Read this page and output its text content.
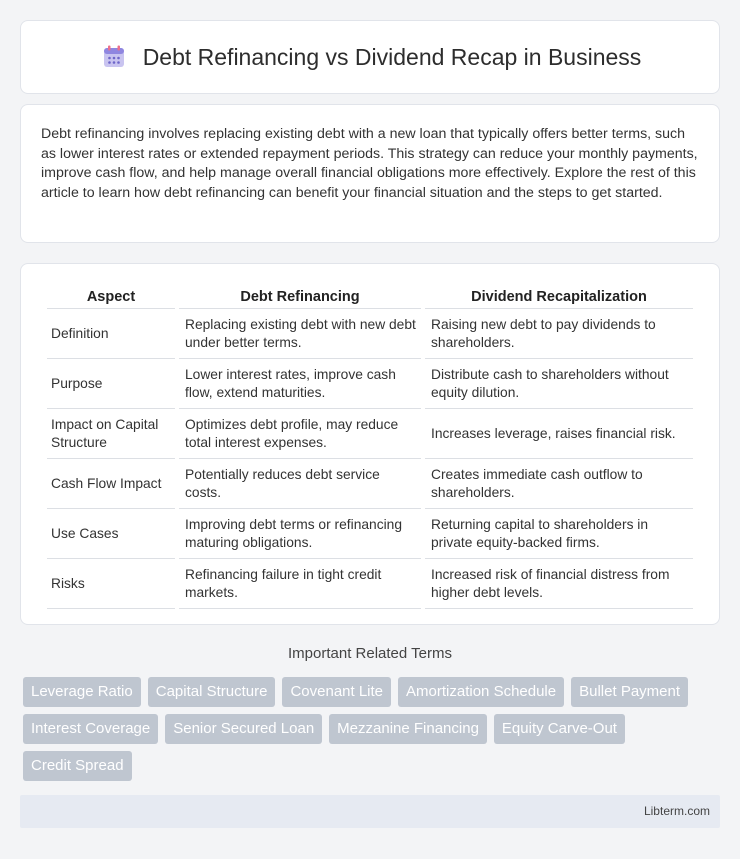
Debt Refinancing vs Dividend Recap in Business

Debt refinancing involves replacing existing debt with a new loan that typically offers better terms, such as lower interest rates or extended repayment periods. This strategy can reduce your monthly payments, improve cash flow, and help manage overall financial obligations more effectively. Explore the rest of this article to learn how debt refinancing can benefit your financial situation and the steps to get started.

Aspect	Debt Refinancing	Dividend Recapitalization
Definition	Replacing existing debt with new debt under better terms.	Raising new debt to pay dividends to shareholders.
Purpose	Lower interest rates, improve cash flow, extend maturities.	Distribute cash to shareholders without equity dilution.
Impact on Capital Structure	Optimizes debt profile, may reduce total interest expenses.	Increases leverage, raises financial risk.
Cash Flow Impact	Potentially reduces debt service costs.	Creates immediate cash outflow to shareholders.
Use Cases	Improving debt terms or refinancing maturing obligations.	Returning capital to shareholders in private equity-backed firms.
Risks	Refinancing failure in tight credit markets.	Increased risk of financial distress from higher debt levels.
Important Related Terms
Leverage Ratio	Capital Structure	Covenant Lite	Amortization Schedule	Bullet Payment
Interest Coverage	Senior Secured Loan	Mezzanine Financing	Equity Carve-Out
Credit Spread
Libterm.com
